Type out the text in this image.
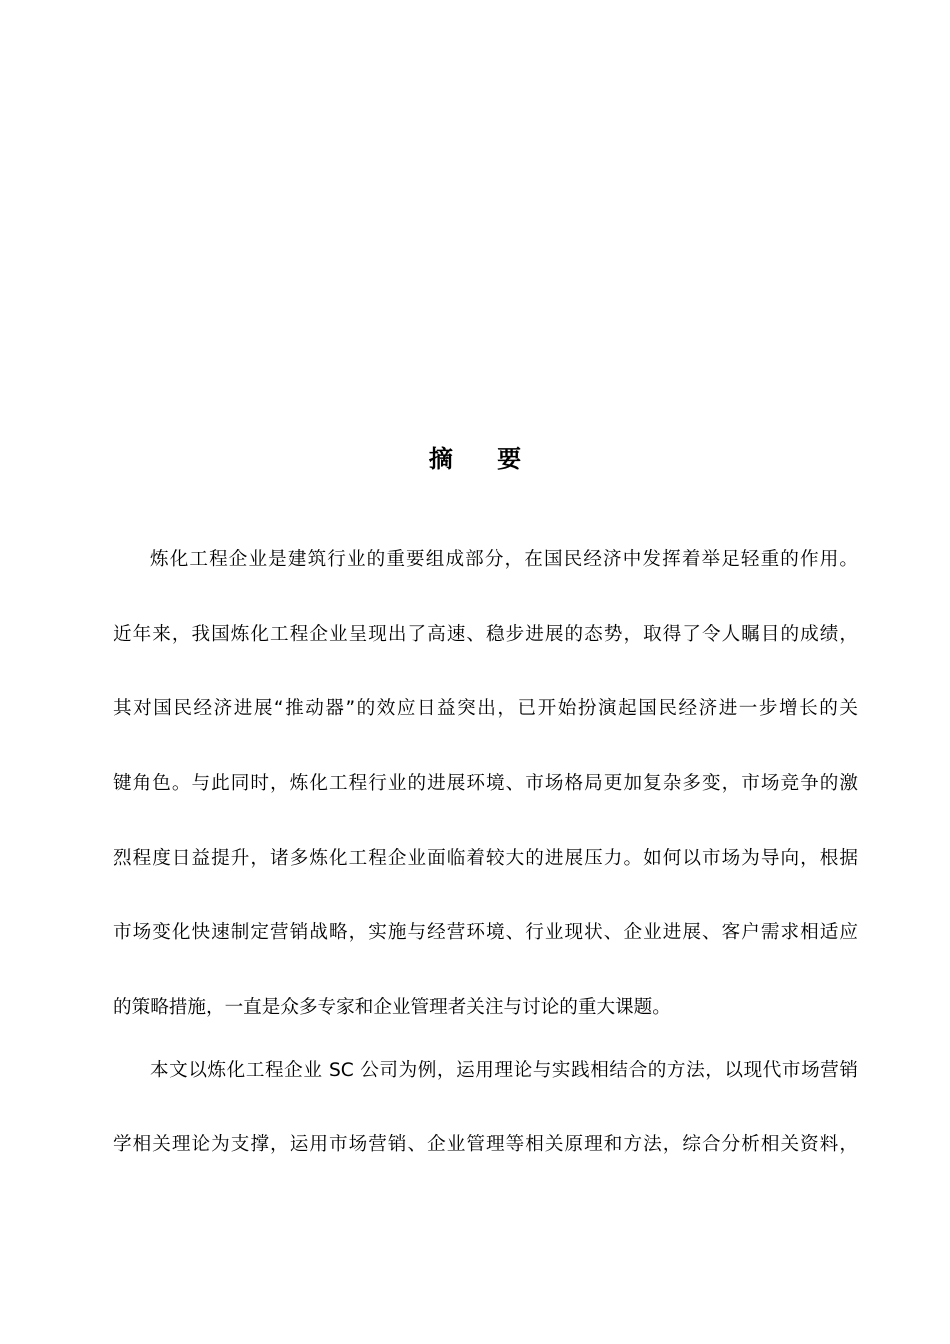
摘 要
炼化工程企业是建筑行业的重要组成部分，在国民经济中发挥着举足轻重的作用。
近年来，我国炼化工程企业呈现出了高速、稳步进展的态势，取得了令人瞩目的成绩，
其对国民经济进展“推动器”的效应日益突出，已开始扮演起国民经济进一步增长的关
键角色。与此同时，炼化工程行业的进展环境、市场格局更加复杂多变，市场竞争的激
烈程度日益提升，诸多炼化工程企业面临着较大的进展压力。如何以市场为导向，根据
市场变化快速制定营销战略，实施与经营环境、行业现状、企业进展、客户需求相适应
的策略措施，一直是众多专家和企业管理者关注与讨论的重大课题。
本文以炼化工程企业 SC 公司为例，运用理论与实践相结合的方法，以现代市场营销
学相关理论为支撑，运用市场营销、企业管理等相关原理和方法，综合分析相关资料，
